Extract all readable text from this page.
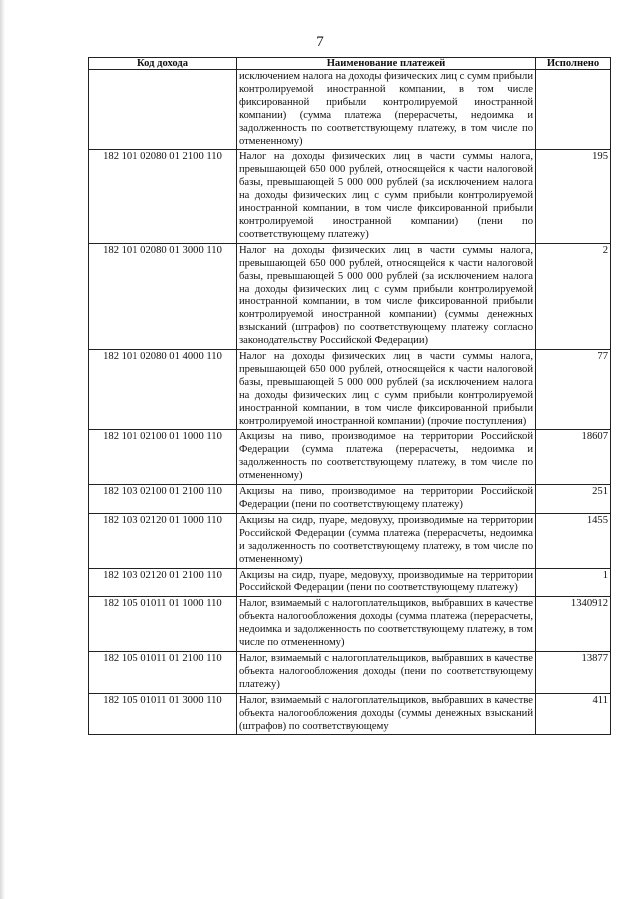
7
Код дохода	Наименование платежей	Исполнено
	исключением налога на доходы физических лиц с сумм прибыли контролируемой иностранной компании, в том числе фиксированной прибыли контролируемой иностранной компании) (сумма платежа (перерасчеты, недоимка и задолженность по соответствующему платежу, в том числе по отмененному)	
182 101 02080 01 2100 110	Налог на доходы физических лиц в части суммы налога, превышающей 650 000 рублей, относящейся к части налоговой базы, превышающей 5 000 000 рублей (за исключением налога на доходы физических лиц с сумм прибыли контролируемой иностранной компании, в том числе фиксированной прибыли контролируемой иностранной компании) (пени по соответствующему платежу)	195
182 101 02080 01 3000 110	Налог на доходы физических лиц в части суммы налога, превышающей 650 000 рублей, относящейся к части налоговой базы, превышающей 5 000 000 рублей (за исключением налога на доходы физических лиц с сумм прибыли контролируемой иностранной компании, в том числе фиксированной прибыли контролируемой иностранной компании) (суммы денежных взысканий (штрафов) по соответствующему платежу согласно законодательству Российской Федерации)	2
182 101 02080 01 4000 110	Налог на доходы физических лиц в части суммы налога, превышающей 650 000 рублей, относящейся к части налоговой базы, превышающей 5 000 000 рублей (за исключением налога на доходы физических лиц с сумм прибыли контролируемой иностранной компании, в том числе фиксированной прибыли контролируемой иностранной компании) (прочие поступления)	77
182 101 02100 01 1000 110	Акцизы на пиво, производимое на территории Российской Федерации (сумма платежа (перерасчеты, недоимка и задолженность по соответствующему платежу, в том числе по отмененному)	18607
182 103 02100 01 2100 110	Акцизы на пиво, производимое на территории Российской Федерации (пени по соответствующему платежу)	251
182 103 02120 01 1000 110	Акцизы на сидр, пуаре, медовуху, производимые на территории Российской Федерации (сумма платежа (перерасчеты, недоимка и задолженность по соответствующему платежу, в том числе по отмененному)	1455
182 103 02120 01 2100 110	Акцизы на сидр, пуаре, медовуху, производимые на территории Российской Федерации (пени по соответствующему платежу)	1
182 105 01011 01 1000 110	Налог, взимаемый с налогоплательщиков, выбравших в качестве объекта налогообложения доходы (сумма платежа (перерасчеты, недоимка и задолженность по соответствующему платежу, в том числе по отмененному)	1340912
182 105 01011 01 2100 110	Налог, взимаемый с налогоплательщиков, выбравших в качестве объекта налогообложения доходы (пени по соответствующему платежу)	13877
182 105 01011 01 3000 110	Налог, взимаемый с налогоплательщиков, выбравших в качестве объекта налогообложения доходы (суммы денежных взысканий (штрафов) по соответствующему	411
